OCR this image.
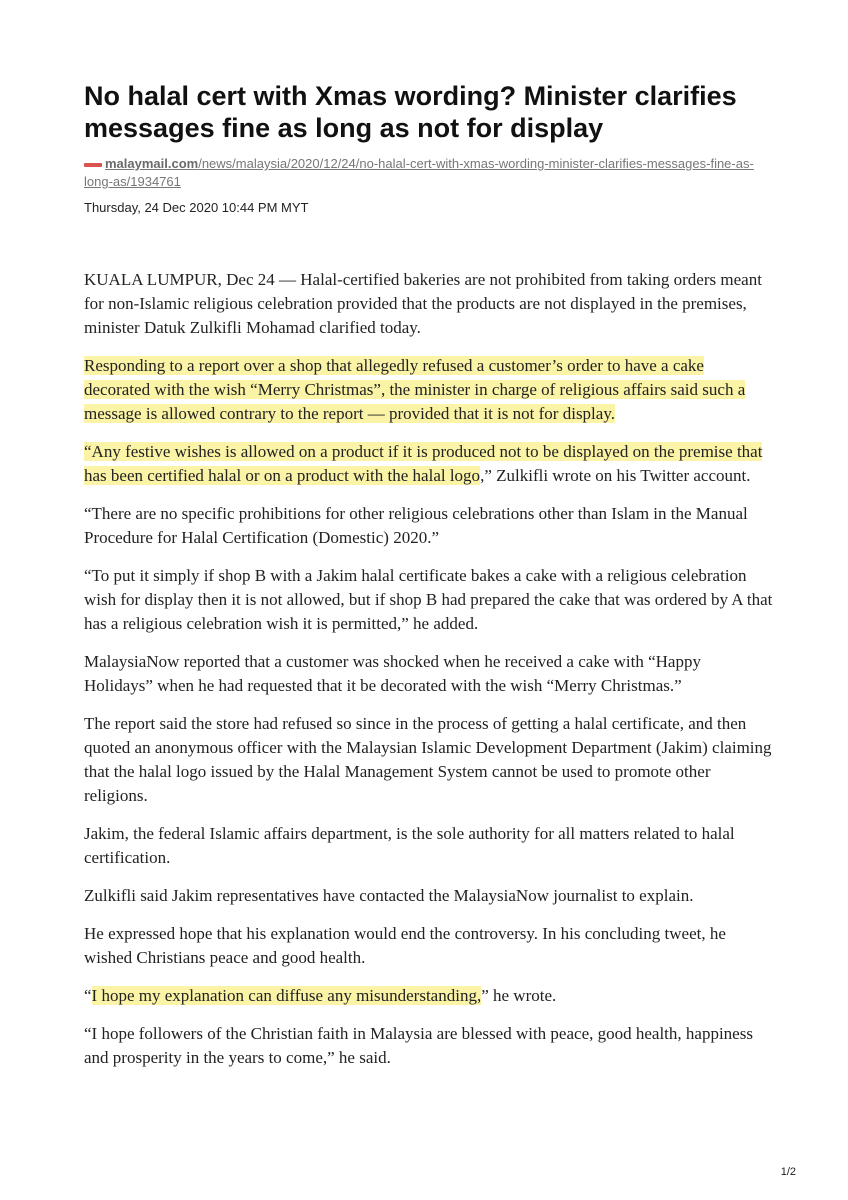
No halal cert with Xmas wording? Minister clarifies messages fine as long as not for display
malaymail.com/news/malaysia/2020/12/24/no-halal-cert-with-xmas-wording-minister-clarifies-messages-fine-as-long-as/1934761
Thursday, 24 Dec 2020 10:44 PM MYT

KUALA LUMPUR, Dec 24 — Halal-certified bakeries are not prohibited from taking orders meant for non-Islamic religious celebration provided that the products are not displayed in the premises, minister Datuk Zulkifli Mohamad clarified today.

Responding to a report over a shop that allegedly refused a customer’s order to have a cake decorated with the wish “Merry Christmas”, the minister in charge of religious affairs said such a message is allowed contrary to the report — provided that it is not for display.

“Any festive wishes is allowed on a product if it is produced not to be displayed on the premise that has been certified halal or on a product with the halal logo,” Zulkifli wrote on his Twitter account.

“There are no specific prohibitions for other religious celebrations other than Islam in the Manual Procedure for Halal Certification (Domestic) 2020.”

“To put it simply if shop B with a Jakim halal certificate bakes a cake with a religious celebration wish for display then it is not allowed, but if shop B had prepared the cake that was ordered by A that has a religious celebration wish it is permitted,” he added.

MalaysiaNow reported that a customer was shocked when he received a cake with “Happy Holidays” when he had requested that it be decorated with the wish “Merry Christmas.”

The report said the store had refused so since in the process of getting a halal certificate, and then quoted an anonymous officer with the Malaysian Islamic Development Department (Jakim) claiming that the halal logo issued by the Halal Management System cannot be used to promote other religions.

Jakim, the federal Islamic affairs department, is the sole authority for all matters related to halal certification.

Zulkifli said Jakim representatives have contacted the MalaysiaNow journalist to explain.

He expressed hope that his explanation would end the controversy. In his concluding tweet, he wished Christians peace and good health.

“I hope my explanation can diffuse any misunderstanding,” he wrote.

“I hope followers of the Christian faith in Malaysia are blessed with peace, good health, happiness and prosperity in the years to come,” he said.

1/2
